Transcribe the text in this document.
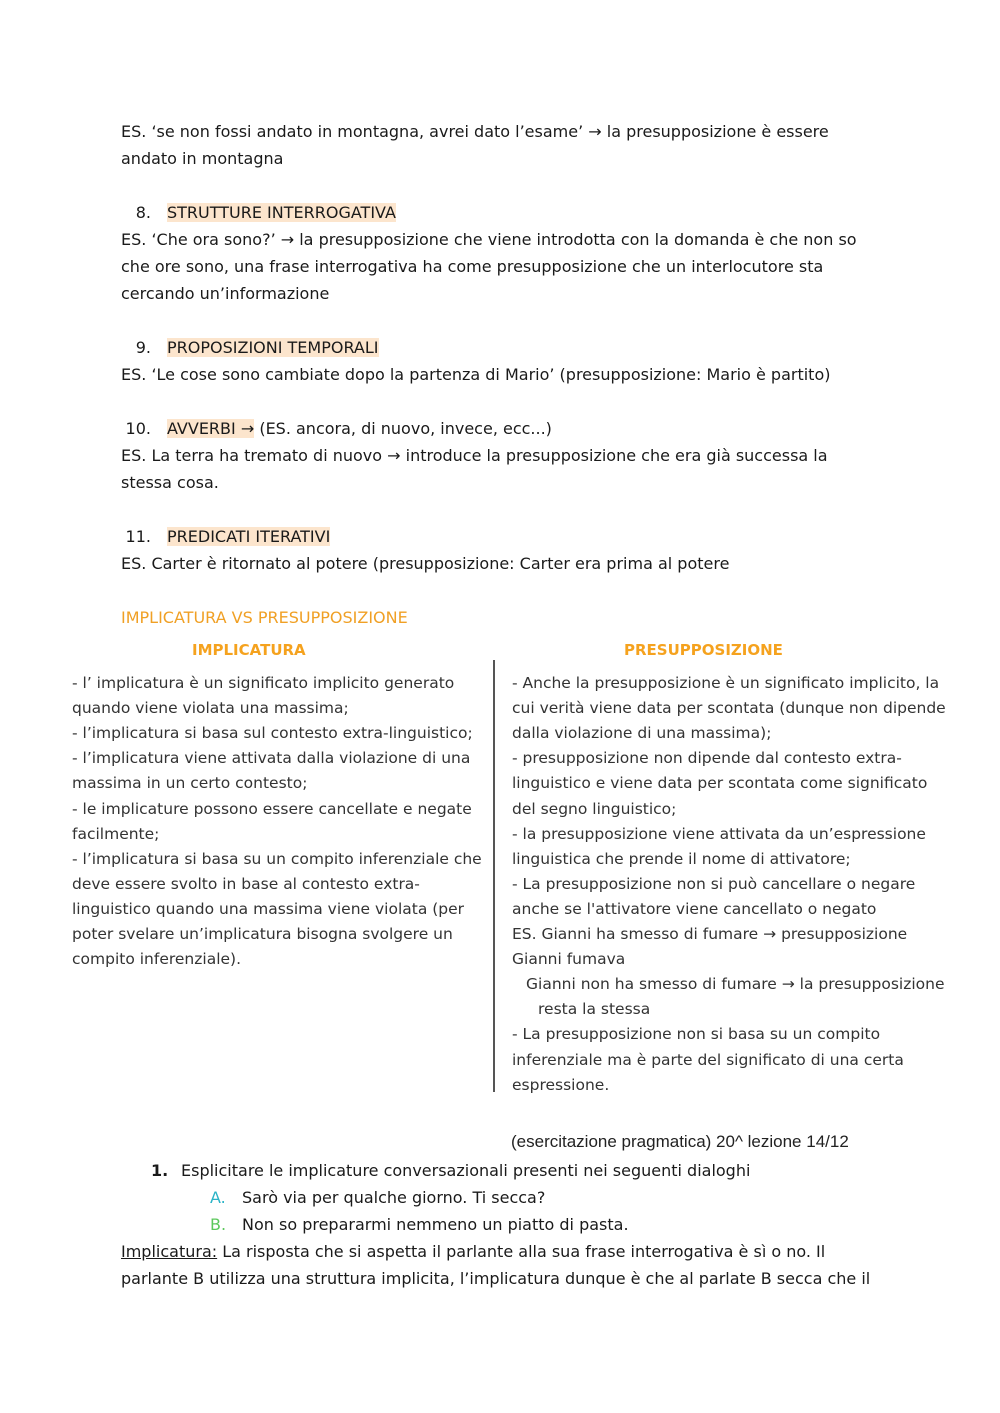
ES. ‘se non fossi andato in montagna, avrei dato l’esame’ → la presupposizione è essere andato in montagna

8. STRUTTURE INTERROGATIVA

ES. ‘Che ora sono?’ → la presupposizione che viene introdotta con la domanda è che non so che ore sono, una frase interrogativa ha come presupposizione che un interlocutore sta cercando un’informazione

9. PROPOSIZIONI TEMPORALI

ES. ‘Le cose sono cambiate dopo la partenza di Mario’ (presupposizione: Mario è partito)

10. AVVERBI → (ES. ancora, di nuovo, invece, ecc...)

ES. La terra ha tremato di nuovo → introduce la presupposizione che era già successa la stessa cosa.

11. PREDICATI ITERATIVI

ES. Carter è ritornato al potere (presupposizione: Carter era prima al potere

IMPLICATURA VS PRESUPPOSIZIONE

IMPLICATURA
- l’ implicatura è un significato implicito generato quando viene violata una massima;
- l’implicatura si basa sul contesto extra-linguistico;
- l’implicatura viene attivata dalla violazione di una massima in un certo contesto;
- le implicature possono essere cancellate e negate facilmente;
- l’implicatura si basa su un compito inferenziale che deve essere svolto in base al contesto extra-linguistico quando una massima viene violata (per poter svelare un’implicatura bisogna svolgere un compito inferenziale).
PRESUPPOSIZIONE
- Anche la presupposizione è un significato implicito, la cui verità viene data per scontata (dunque non dipende dalla violazione di una massima);
- presupposizione non dipende dal contesto extra-linguistico e viene data per scontata come significato del segno linguistico;
- la presupposizione viene attivata da un’espressione linguistica che prende il nome di attivatore;
- La presupposizione non si può cancellare o negare anche se l'attivatore viene cancellato o negato
ES. Gianni ha smesso di fumare → presupposizione Gianni fumava
Gianni non ha smesso di fumare → la presupposizione resta la stessa
- La presupposizione non si basa su un compito inferenziale ma è parte del significato di una certa espressione.
(esercitazione pragmatica) 20^ lezione 14/12

1. Esplicitare le implicature conversazionali presenti nei seguenti dialoghi

A. Sarò via per qualche giorno. Ti secca?

B. Non so prepararmi nemmeno un piatto di pasta.

Implicatura: La risposta che si aspetta il parlante alla sua frase interrogativa è sì o no. Il parlante B utilizza una struttura implicita, l’implicatura dunque è che al parlate B secca che il
